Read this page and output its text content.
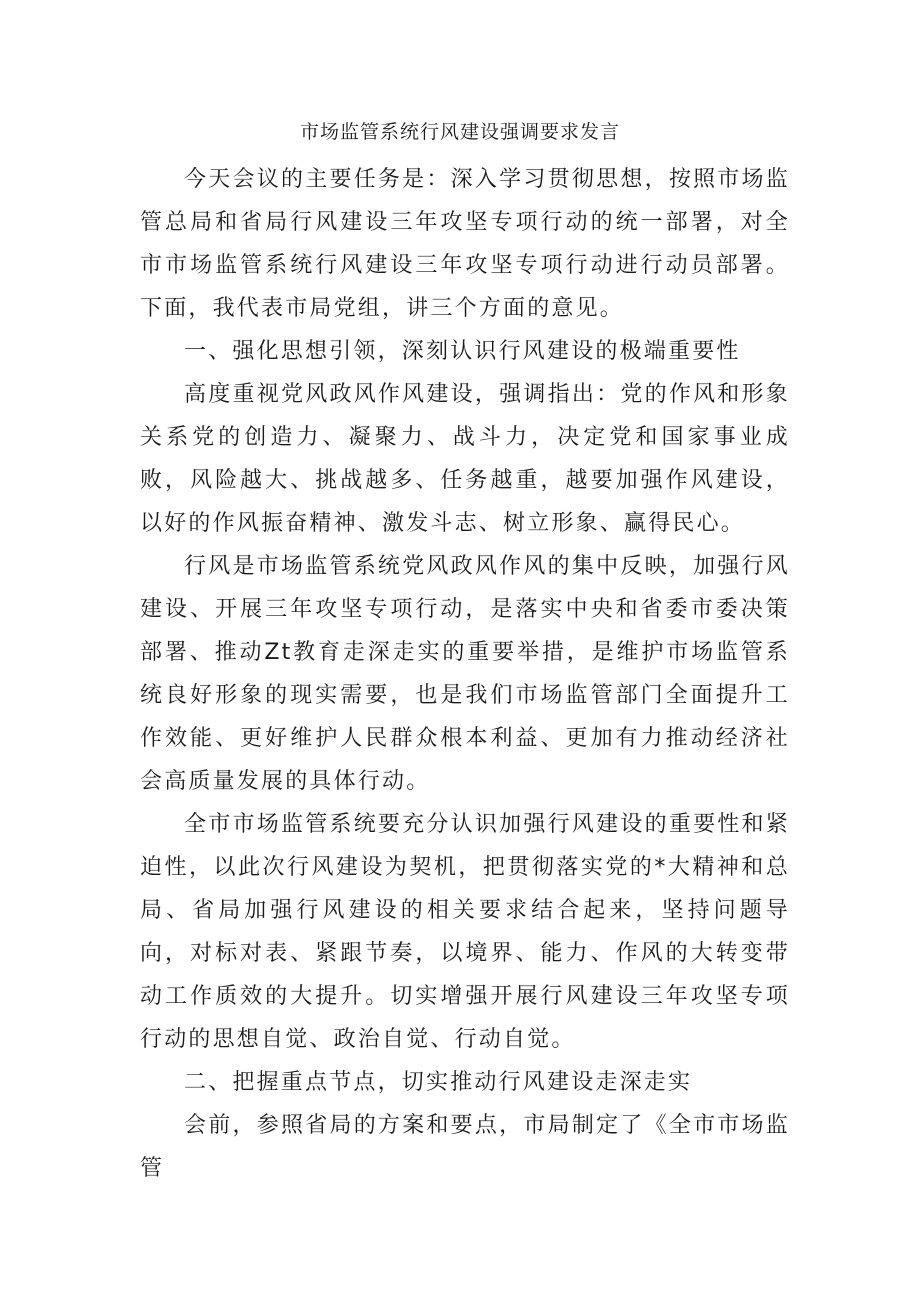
市场监管系统行风建设强调要求发言

今天会议的主要任务是：深入学习贯彻思想，按照市场监管总局和省局行风建设三年攻坚专项行动的统一部署，对全市市场监管系统行风建设三年攻坚专项行动进行动员部署。下面，我代表市局党组，讲三个方面的意见。

一、强化思想引领，深刻认识行风建设的极端重要性

高度重视党风政风作风建设，强调指出：党的作风和形象关系党的创造力、凝聚力、战斗力，决定党和国家事业成败，风险越大、挑战越多、任务越重，越要加强作风建设，以好的作风振奋精神、激发斗志、树立形象、赢得民心。

行风是市场监管系统党风政风作风的集中反映，加强行风建设、开展三年攻坚专项行动，是落实中央和省委市委决策部署、推动Zt教育走深走实的重要举措，是维护市场监管系统良好形象的现实需要，也是我们市场监管部门全面提升工作效能、更好维护人民群众根本利益、更加有力推动经济社会高质量发展的具体行动。

全市市场监管系统要充分认识加强行风建设的重要性和紧迫性，以此次行风建设为契机，把贯彻落实党的*大精神和总局、省局加强行风建设的相关要求结合起来，坚持问题导向，对标对表、紧跟节奏，以境界、能力、作风的大转变带动工作质效的大提升。切实增强开展行风建设三年攻坚专项行动的思想自觉、政治自觉、行动自觉。

二、把握重点节点，切实推动行风建设走深走实

会前，参照省局的方案和要点，市局制定了《全市市场监管
